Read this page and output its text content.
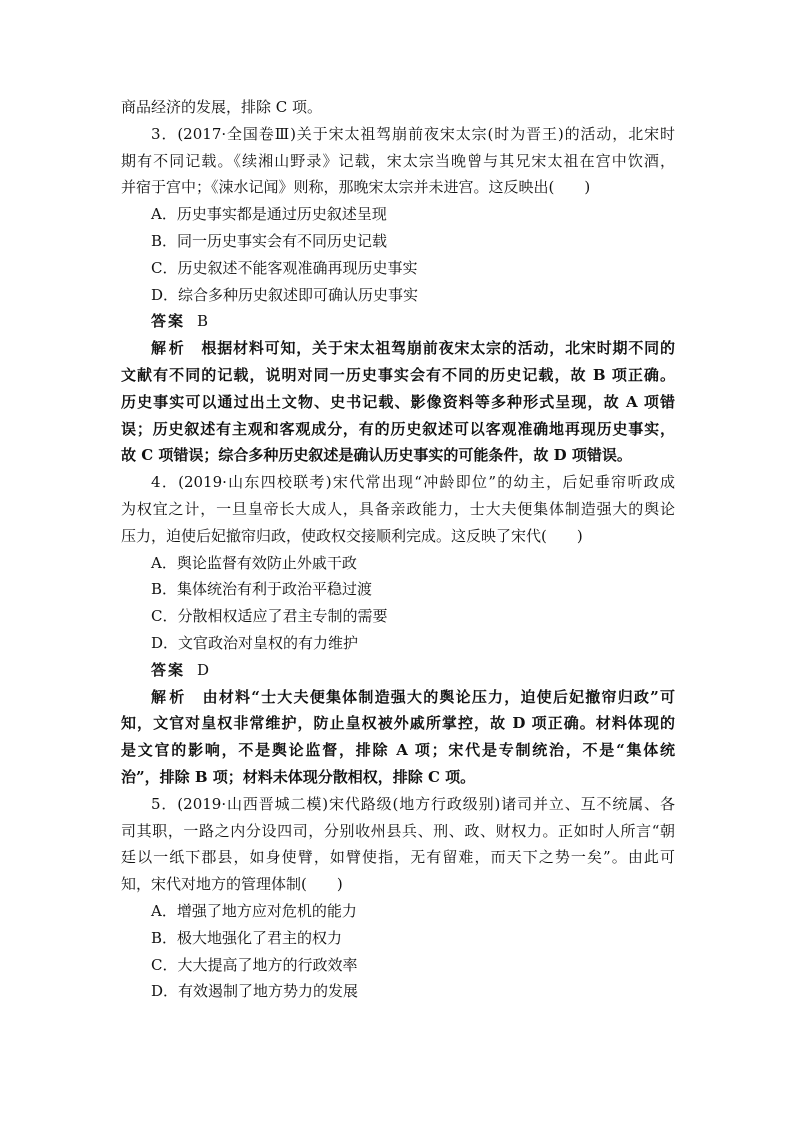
商品经济的发展，排除 C 项。
3．(2017·全国卷Ⅲ)关于宋太祖驾崩前夜宋太宗(时为晋王)的活动，北宋时
期有不同记载。《续湘山野录》记载，宋太宗当晚曾与其兄宋太祖在宫中饮酒，
并宿于宫中；《涑水记闻》则称，那晚宋太宗并未进宫。这反映出(　　)
A．历史事实都是通过历史叙述呈现
B．同一历史事实会有不同历史记载
C．历史叙述不能客观准确再现历史事实
D．综合多种历史叙述即可确认历史事实
答案 B
解析 根据材料可知，关于宋太祖驾崩前夜宋太宗的活动，北宋时期不同的
文献有不同的记载，说明对同一历史事实会有不同的历史记载，故 B 项正确。
历史事实可以通过出土文物、史书记载、影像资料等多种形式呈现，故 A 项错
误；历史叙述有主观和客观成分，有的历史叙述可以客观准确地再现历史事实，
故 C 项错误；综合多种历史叙述是确认历史事实的可能条件，故 D 项错误。
4．(2019·山东四校联考)宋代常出现“冲龄即位”的幼主，后妃垂帘听政成
为权宜之计，一旦皇帝长大成人，具备亲政能力，士大夫便集体制造强大的舆论
压力，迫使后妃撤帘归政，使政权交接顺利完成。这反映了宋代(　　)
A．舆论监督有效防止外戚干政
B．集体统治有利于政治平稳过渡
C．分散相权适应了君主专制的需要
D．文官政治对皇权的有力维护
答案 D
解析 由材料“士大夫便集体制造强大的舆论压力，迫使后妃撤帘归政”可
知，文官对皇权非常维护，防止皇权被外戚所掌控，故 D 项正确。材料体现的
是文官的影响，不是舆论监督，排除 A 项；宋代是专制统治，不是“集体统
治”，排除 B 项；材料未体现分散相权，排除 C 项。
5．(2019·山西晋城二模)宋代路级(地方行政级别)诸司并立、互不统属、各
司其职，一路之内分设四司，分别收州县兵、刑、政、财权力。正如时人所言“朝
廷以一纸下郡县，如身使臂，如臂使指，无有留难，而天下之势一矣”。由此可
知，宋代对地方的管理体制(　　)
A．增强了地方应对危机的能力
B．极大地强化了君主的权力
C．大大提高了地方的行政效率
D．有效遏制了地方势力的发展
